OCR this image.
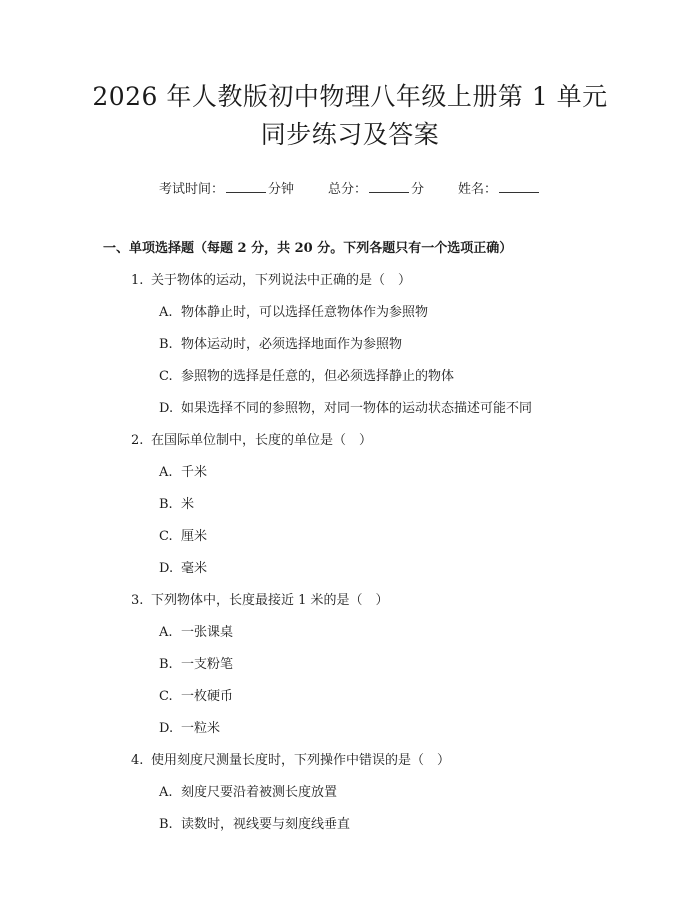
2026 年人教版初中物理八年级上册第 1 单元
同步练习及答案
考试时间：	分钟	总分：	分	姓名：
一、单项选择题（每题 2 分，共 20 分。下列各题只有一个选项正确）
1. 关于物体的运动，下列说法中正确的是（　）
A. 物体静止时，可以选择任意物体作为参照物
B. 物体运动时，必须选择地面作为参照物
C. 参照物的选择是任意的，但必须选择静止的物体
D. 如果选择不同的参照物，对同一物体的运动状态描述可能不同
2. 在国际单位制中，长度的单位是（　）
A. 千米
B. 米
C. 厘米
D. 毫米
3. 下列物体中，长度最接近 1 米的是（　）
A. 一张课桌
B. 一支粉笔
C. 一枚硬币
D. 一粒米
4. 使用刻度尺测量长度时，下列操作中错误的是（　）
A. 刻度尺要沿着被测长度放置
B. 读数时，视线要与刻度线垂直
